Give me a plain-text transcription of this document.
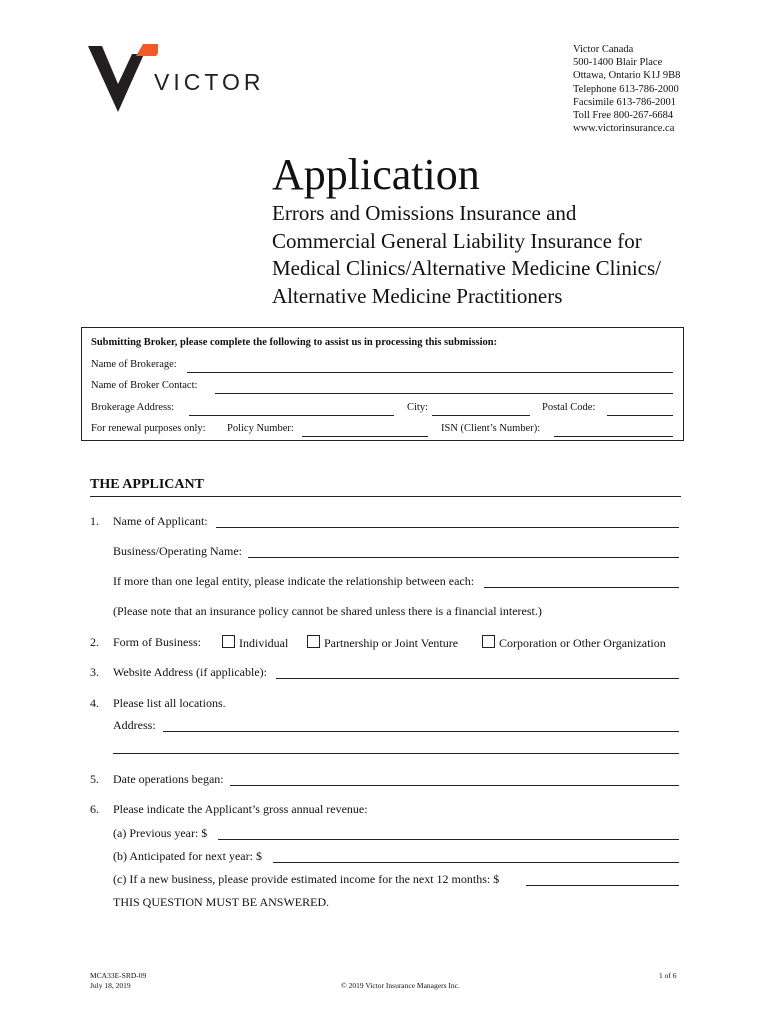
VICTOR
Victor Canada
500-1400 Blair Place
Ottawa, Ontario K1J 9B8
Telephone 613-786-2000
Facsimile 613-786-2001
Toll Free 800-267-6684
www.victorinsurance.ca
Application
Errors and Omissions Insurance and
Commercial General Liability Insurance for
Medical Clinics/Alternative Medicine Clinics/
Alternative Medicine Practitioners
Submitting Broker, please complete the following to assist us in processing this submission:
Name of Brokerage:
Name of Broker Contact:
Brokerage Address:	City:	Postal Code:
For renewal purposes only: Policy Number:	ISN (Client’s Number):
THE APPLICANT
1. Name of Applicant:
Business/Operating Name:
If more than one legal entity, please indicate the relationship between each:
(Please note that an insurance policy cannot be shared unless there is a financial interest.)
2. Form of Business:	Individual	Partnership or Joint Venture	Corporation or Other Organization
3. Website Address (if applicable):
4. Please list all locations.
Address:
5. Date operations began:
6. Please indicate the Applicant’s gross annual revenue:
(a) Previous year: $
(b) Anticipated for next year: $
(c) If a new business, please provide estimated income for the next 12 months: $
THIS QUESTION MUST BE ANSWERED.
MCA33E-SRD-09
July 18, 2019	© 2019 Victor Insurance Managers Inc.
1 of 6
